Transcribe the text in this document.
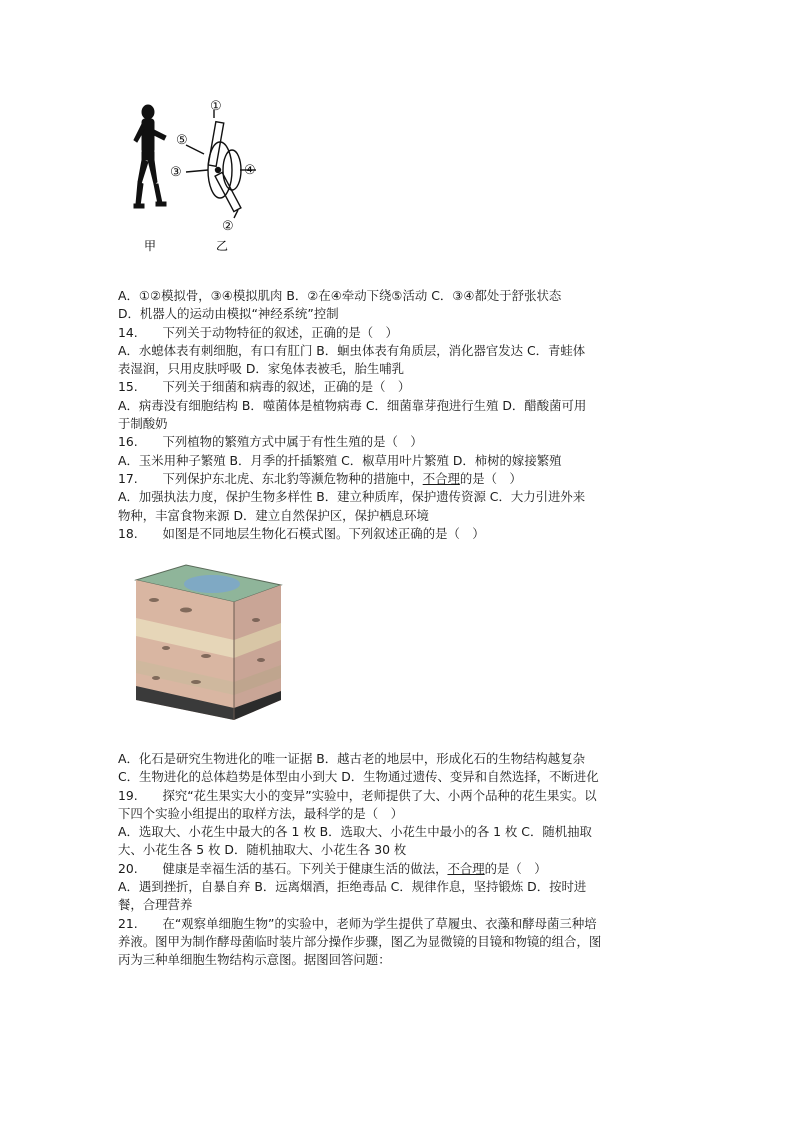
甲
①
⑤
③	④
②
乙

A．①②模拟骨，③④模拟肌肉 B．②在④牵动下绕⑤活动 C．③④都处于舒张状态

D．机器人的运动由模拟“神经系统”控制

14.　　下列关于动物特征的叙述，正确的是（　）

A．水螅体表有刺细胞，有口有肛门 B．蛔虫体表有角质层，消化器官发达 C．青蛙体

表湿润，只用皮肤呼吸 D．家兔体表被毛，胎生哺乳

15.　　下列关于细菌和病毒的叙述，正确的是（　）

A．病毒没有细胞结构 B．噬菌体是植物病毒 C．细菌靠芽孢进行生殖 D．醋酸菌可用

于制酸奶

16.　　下列植物的繁殖方式中属于有性生殖的是（　）

A．玉米用种子繁殖 B．月季的扦插繁殖 C．椒草用叶片繁殖 D．柿树的嫁接繁殖

17.　　下列保护东北虎、东北豹等濒危物种的措施中，不合理的是（　）

A．加强执法力度，保护生物多样性 B．建立种质库，保护遗传资源 C．大力引进外来

物种，丰富食物来源 D．建立自然保护区，保护栖息环境

18.　　如图是不同地层生物化石模式图。下列叙述正确的是（　）

A．化石是研究生物进化的唯一证据 B．越古老的地层中，形成化石的生物结构越复杂

C．生物进化的总体趋势是体型由小到大 D．生物通过遗传、变异和自然选择，不断进化

19.　　探究“花生果实大小的变异”实验中，老师提供了大、小两个品种的花生果实。以

下四个实验小组提出的取样方法，最科学的是（　）

A．选取大、小花生中最大的各 1 枚 B．选取大、小花生中最小的各 1 枚 C．随机抽取

大、小花生各 5 枚 D．随机抽取大、小花生各 30 枚

20.　　健康是幸福生活的基石。下列关于健康生活的做法，不合理的是（　）

A．遇到挫折，自暴自弃 B．远离烟酒，拒绝毒品 C．规律作息，坚持锻炼 D．按时进

餐，合理营养

21.　　在“观察单细胞生物”的实验中，老师为学生提供了草履虫、衣藻和酵母菌三种培

养液。图甲为制作酵母菌临时装片部分操作步骤，图乙为显微镜的目镜和物镜的组合，图

丙为三种单细胞生物结构示意图。据图回答问题：
